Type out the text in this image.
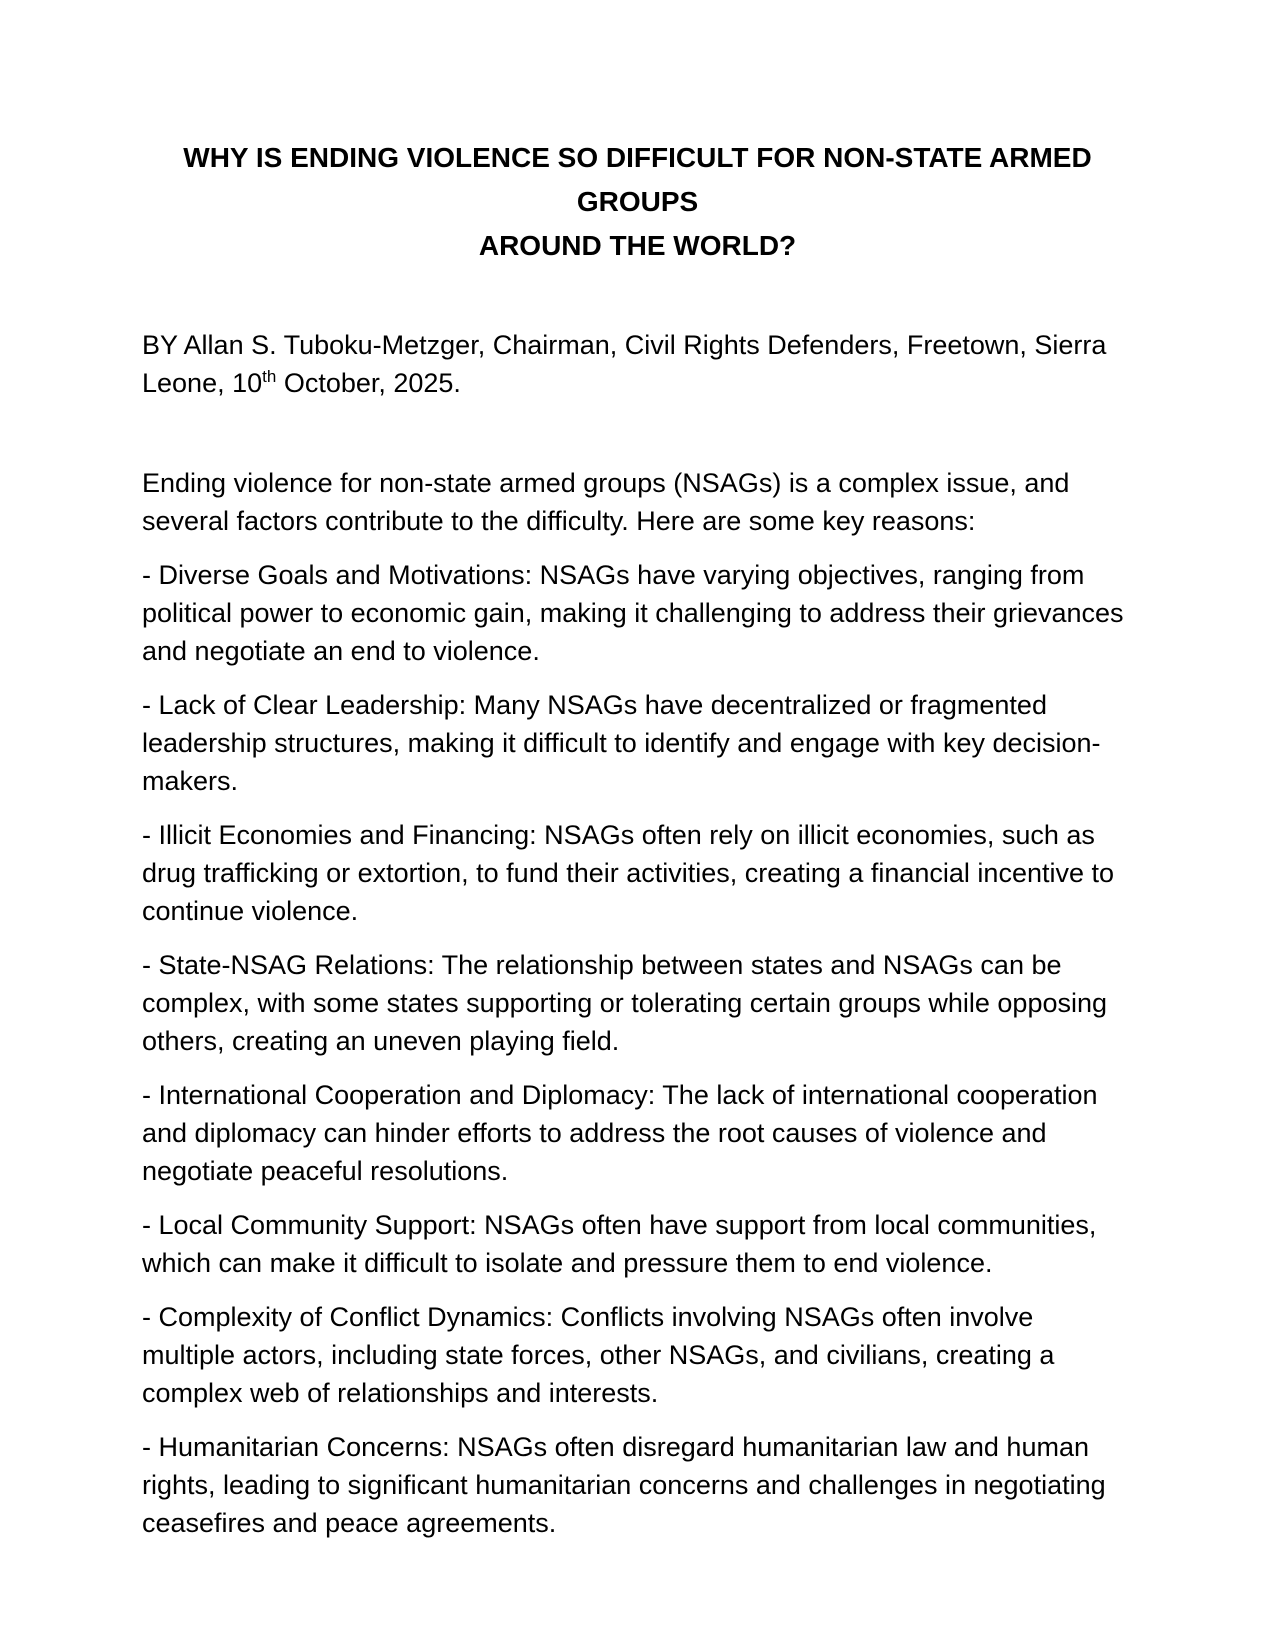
WHY IS ENDING VIOLENCE SO DIFFICULT FOR NON-STATE ARMED GROUPS
AROUND THE WORLD?

BY Allan S. Tuboku-Metzger, Chairman, Civil Rights Defenders, Freetown, Sierra Leone, 10th October, 2025.

Ending violence for non-state armed groups (NSAGs) is a complex issue, and several factors contribute to the difficulty. Here are some key reasons:

- Diverse Goals and Motivations: NSAGs have varying objectives, ranging from political power to economic gain, making it challenging to address their grievances and negotiate an end to violence.

- Lack of Clear Leadership: Many NSAGs have decentralized or fragmented leadership structures, making it difficult to identify and engage with key decision-makers.

- Illicit Economies and Financing: NSAGs often rely on illicit economies, such as drug trafficking or extortion, to fund their activities, creating a financial incentive to continue violence.

- State-NSAG Relations: The relationship between states and NSAGs can be complex, with some states supporting or tolerating certain groups while opposing others, creating an uneven playing field.

- International Cooperation and Diplomacy: The lack of international cooperation and diplomacy can hinder efforts to address the root causes of violence and negotiate peaceful resolutions.

- Local Community Support: NSAGs often have support from local communities, which can make it difficult to isolate and pressure them to end violence.

- Complexity of Conflict Dynamics: Conflicts involving NSAGs often involve multiple actors, including state forces, other NSAGs, and civilians, creating a complex web of relationships and interests.

- Humanitarian Concerns: NSAGs often disregard humanitarian law and human rights, leading to significant humanitarian concerns and challenges in negotiating ceasefires and peace agreements.
